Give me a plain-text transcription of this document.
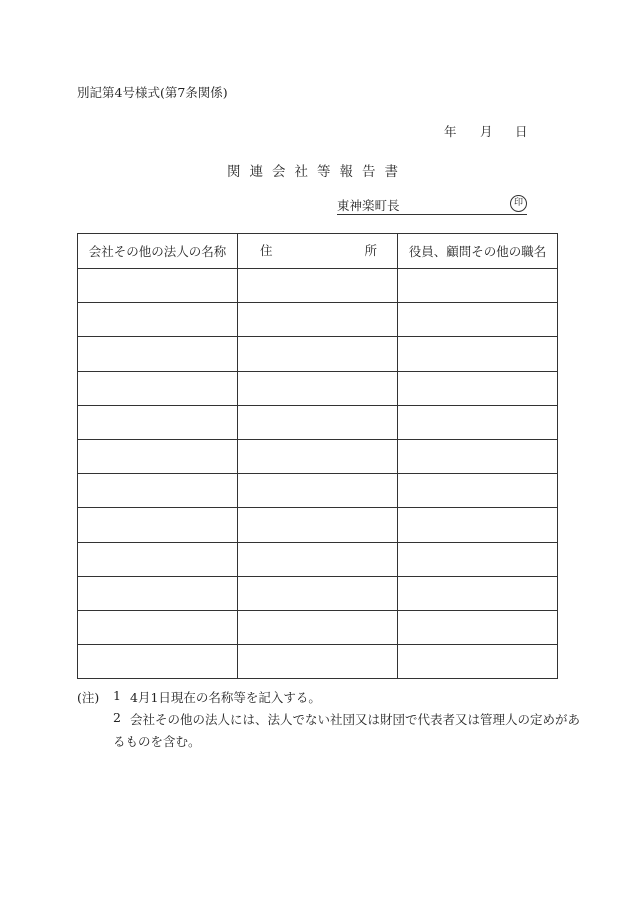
別記第4号様式(第7条関係)
年 月 日
関連会社等報告書
東神楽町長	印
会社その他の法人の名称	住 所	役員、顧問その他の職名

(注) 1 4月1日現在の名称等を記入する。
2 会社その他の法人には、法人でない社団又は財団で代表者又は管理人の定めがあ
るものを含む。
